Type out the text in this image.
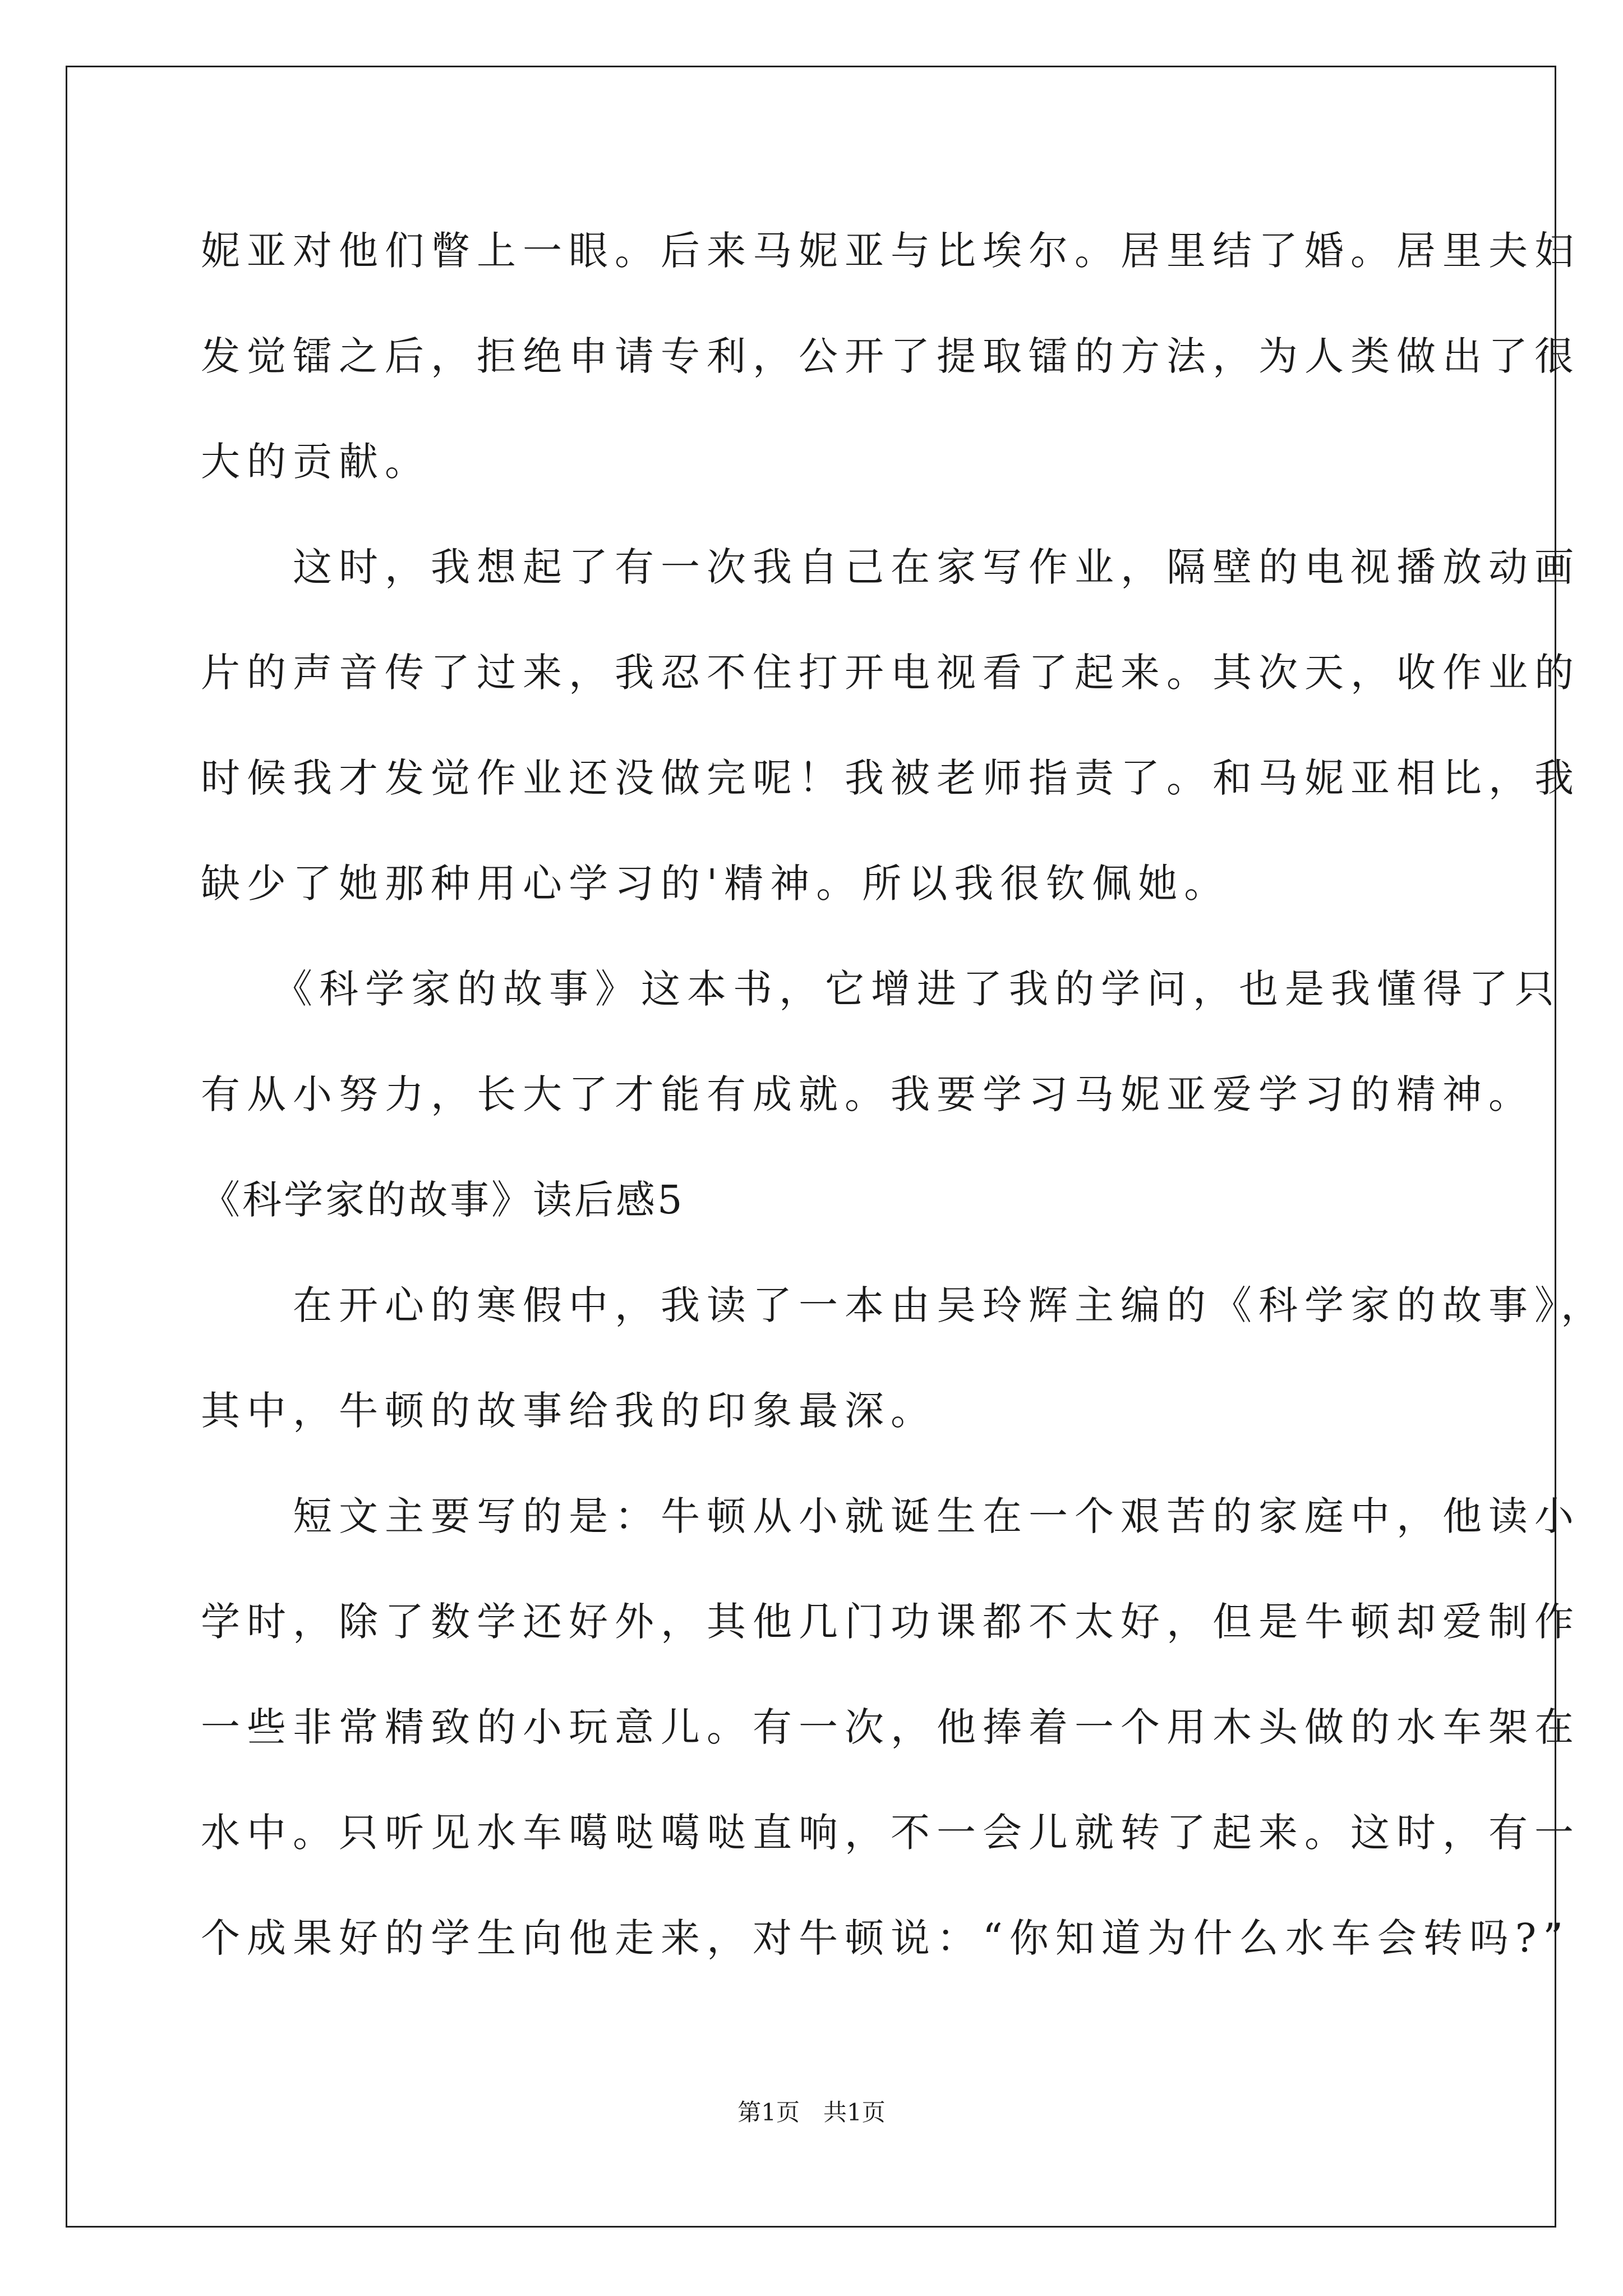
妮亚对他们瞥上一眼。后来马妮亚与比埃尔。居里结了婚。居里夫妇
发觉镭之后，拒绝申请专利，公开了提取镭的方法，为人类做出了很
大的贡献。
　　这时，我想起了有一次我自己在家写作业，隔壁的电视播放动画
片的声音传了过来，我忍不住打开电视看了起来。其次天，收作业的
时候我才发觉作业还没做完呢！我被老师指责了。和马妮亚相比，我
缺少了她那种用心学习的'精神。所以我很钦佩她。
　　《科学家的故事》这本书，它增进了我的学问，也是我懂得了只
有从小努力，长大了才能有成就。我要学习马妮亚爱学习的精神。
《科学家的故事》读后感5
　　在开心的寒假中，我读了一本由吴玲辉主编的《科学家的故事》，
其中，牛顿的故事给我的印象最深。
　　短文主要写的是：牛顿从小就诞生在一个艰苦的家庭中，他读小
学时，除了数学还好外，其他几门功课都不太好，但是牛顿却爱制作
一些非常精致的小玩意儿。有一次，他捧着一个用木头做的水车架在
水中。只听见水车噶哒噶哒直响，不一会儿就转了起来。这时，有一
个成果好的学生向他走来，对牛顿说：“你知道为什么水车会转吗?”
第1页　共1页
